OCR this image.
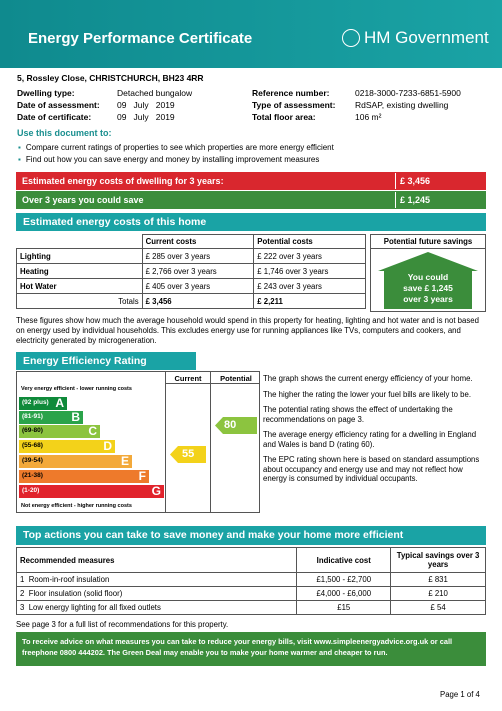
Energy Performance Certificate	HM Government
5, Rossley Close, CHRISTCHURCH, BH23 4RR
Dwelling type:	Detached bungalow
Date of assessment: 09   July   2019
Date of certificate:	09   July   2019
Reference number:	0218-3000-7233-6851-5900
Type of assessment: RdSAP, existing dwelling
Total floor area:	106 m²
Use this document to:
▪ Compare current ratings of properties to see which properties are more energy efficient
▪ Find out how you can save energy and money by installing improvement measures
Estimated energy costs of dwelling for 3 years:	£ 3,456
Over 3 years you could save	£ 1,245
Estimated energy costs of this home
	Current costs	Potential costs
Lighting	£ 285 over 3 years	£ 222 over 3 years
Heating	£ 2,766 over 3 years	£ 1,746 over 3 years
Hot Water	£ 405 over 3 years	£ 243 over 3 years
Totals	£ 3,456	£ 2,211
Potential future savings
You could
save £ 1,245
over 3 years
These figures show how much the average household would spend in this property for heating, lighting and hot water and is not based on energy used by individual households. This excludes energy use for running appliances like TVs, computers and cookers, and electricity generated by microgeneration.
Energy Efficiency Rating
Current	Potential
Very energy efficient - lower running costs
Not energy efficient - higher running costs
(92 plus) A
(81-91) B
(69-80)	C
(55-68)	D
(39-54)	E
(21-38)	F
(1-20)	G
55
80
The graph shows the current energy efficiency of your home.
The higher the rating the lower your fuel bills are likely to be.
The potential rating shows the effect of undertaking the recommendations on page 3.
The average energy efficiency rating for a dwelling in England and Wales is band D (rating 60).
The EPC rating shown here is based on standard assumptions about occupancy and energy use and may not reflect how energy is consumed by individual occupants.
Top actions you can take to save money and make your home more efficient
Recommended measures	Indicative cost	Typical savings over 3 years
1 Room-in-roof insulation	£1,500 - £2,700	£ 831
2 Floor insulation (solid floor)	£4,000 - £6,000	£ 210
3 Low energy lighting for all fixed outlets	£15	£ 54
See page 3 for a full list of recommendations for this property.
To receive advice on what measures you can take to reduce your energy bills, visit www.simpleenergyadvice.org.uk or call freephone 0800 444202. The Green Deal may enable you to make your home warmer and cheaper to run.
Page 1 of 4
